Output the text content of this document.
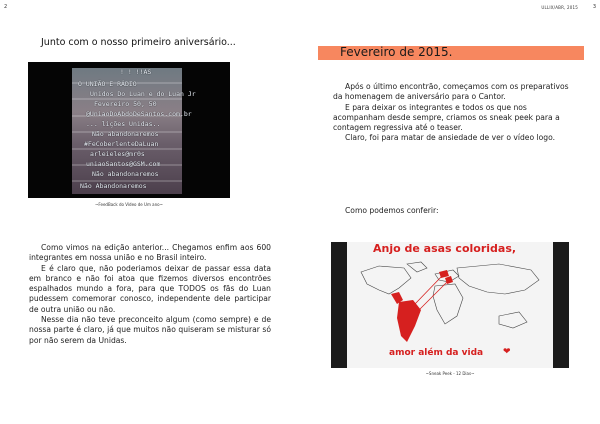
2	ULLIX/ABR, 2015	3
Junto com o nosso primeiro aniversário...
! ! !!AS
O UNIÃO E RÁDIO
Unidos Do Luan e do Luan Jr
Fevereiro 50, 50
@UniaoDoAbdoDeSantos.com.br
... lições Unidas..
Não abandonaremos
#FeCoberlenteDaLuan
arleieles@mr0s
uniaoSantos@GSM.com
Não abandonaremos
Não Abandonaremos
~FeedBack do Vídeo de Um ano~

Como vimos na edição anterior... Chegamos enfim aos 600 integrantes em nossa união e no Brasil inteiro.

E é claro que, não poderiamos deixar de passar essa data em branco e não foi atoa que fizemos diversos encontrões espalhados mundo a fora, para que TODOS os fãs do Luan pudessem comemorar conosco, independente dele participar de outra união ou não.

Nesse dia não teve preconceito algum (como sempre) e de nossa parte é claro, já que muitos não quiseram se misturar só por não serem da Unidas.

Fevereiro de 2015.

Após o último encontrão, começamos com os preparativos da homenagem de aniversário para o Cantor.

E para deixar os integrantes e todos os que nos acompanham desde sempre, criamos os sneak peek para a contagem regressiva até o teaser.

Claro, foi para matar de ansiedade de ver o vídeo logo.

Como podemos conferir:
Anjo de asas coloridas,
amor além da vida ❤
~Sneak Peek - 12 Dias~
